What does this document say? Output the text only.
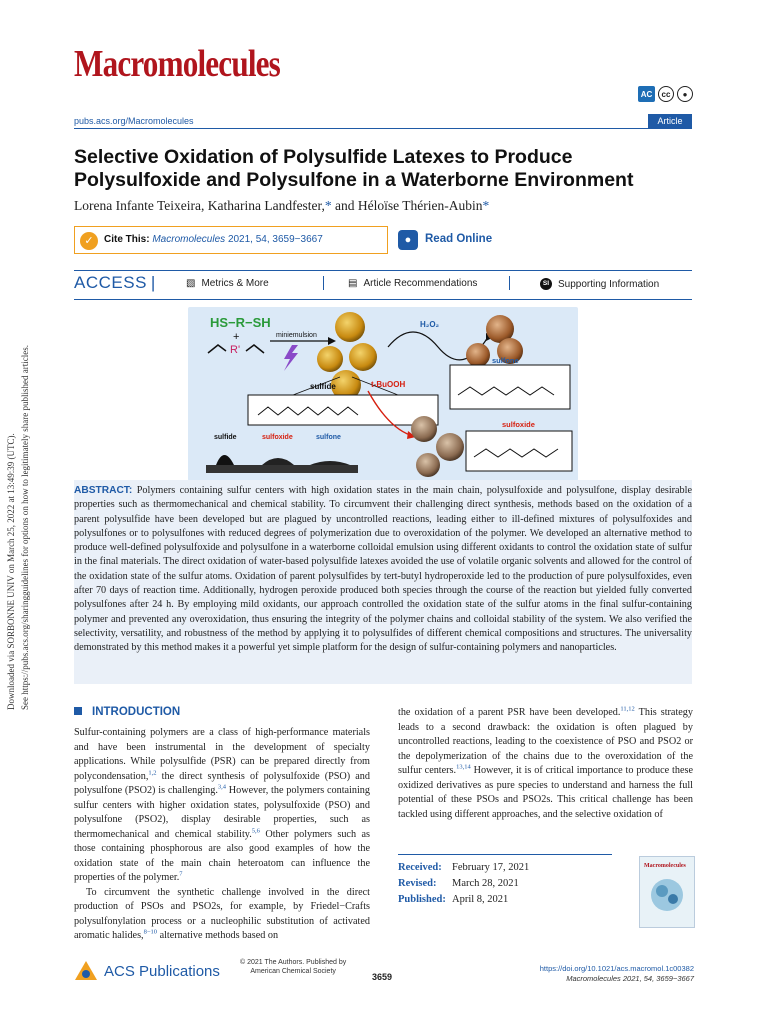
Macromolecules
AC	cc	●
pubs.acs.org/Macromolecules	Article
Selective Oxidation of Polysulfide Latexes to Produce Polysulfoxide and Polysulfone in a Waterborne Environment
Lorena Infante Teixeira, Katharina Landfester,* and Héloïse Thérien-Aubin*
✓	Cite This: Macromolecules 2021, 54, 3659−3667	●	Read Online
ACCESS |	▧ Metrics & More	▤ Article Recommendations	SI Supporting Information
Downloaded via SORBONNE UNIV on March 25, 2022 at 13:49:39 (UTC). See https://pubs.acs.org/sharingguidelines for options on how to legitimately share published articles.
HS−R−SH
+
R'
miniemulsion
sulfide	t-BuOOH
H₂O₂
sulfone
sulfoxide
sulfide	sulfoxide	sulfone
ABSTRACT: Polymers containing sulfur centers with high oxidation states in the main chain, polysulfoxide and polysulfone, display desirable properties such as thermomechanical and chemical stability. To circumvent their challenging direct synthesis, methods based on the oxidation of a parent polysulfide have been developed but are plagued by uncontrolled reactions, leading either to ill-defined mixtures of polysulfoxides and polysulfones or to polysulfones with reduced degrees of polymerization due to overoxidation of the polymer. We developed an alternative method to produce well-defined polysulfoxide and polysulfone in a waterborne colloidal emulsion using different oxidants to control the oxidation state of sulfur in the final materials. The direct oxidation of water-based polysulfide latexes avoided the use of volatile organic solvents and allowed for the control of the oxidation state of the sulfur atoms. Oxidation of parent polysulfides by tert-butyl hydroperoxide led to the production of pure polysulfoxides, even after 70 days of reaction time. Additionally, hydrogen peroxide produced both species through the course of the reaction but yielded fully converted polysulfones after 24 h. By employing mild oxidants, our approach controlled the oxidation state of the sulfur atoms in the final sulfur-containing polymer and prevented any overoxidation, thus ensuring the integrity of the polymer chains and colloidal stability of the system. We also verified the selectivity, versatility, and robustness of the method by applying it to polysulfides of different chemical compositions and structures. The universality demonstrated by this method makes it a powerful yet simple platform for the design of sulfur-containing polymers and nanoparticles.
INTRODUCTION

Sulfur-containing polymers are a class of high-performance materials and have been instrumental in the development of specialty applications. While polysulfide (PSR) can be prepared directly from polycondensation,$^{1,2}$ the direct synthesis of polysulfoxide (PSO) and polysulfone (PSO2) is challenging.$^{3,4}$ However, the polymers containing sulfur centers with higher oxidation states, polysulfoxide (PSO) and polysulfone (PSO2), display desirable properties, such as thermomechanical and chemical stability.$^{5,6}$ Other polymers such as those containing phosphorous are also good examples of how the oxidation state of the main chain heteroatom can influence the properties of the polymer.$^7$

To circumvent the synthetic challenge involved in the direct production of PSOs and PSO2s, for example, by Friedel−Crafts polysulfonylation process or a nucleophilic substitution of activated aromatic halides,$^{8-10}$ alternative methods based on

the oxidation of a parent PSR have been developed.$^{11,12}$ This strategy leads to a second drawback: the oxidation is often plagued by uncontrolled reactions, leading to the coexistence of PSO and PSO2 or the depolymerization of the chains due to the overoxidation of the sulfur centers.$^{13,14}$ However, it is of critical importance to produce these oxidized derivatives as pure species to understand and harness the full potential of these PSOs and PSO2s. This critical challenge has been tackled using different approaches, and the selective oxidation of

Received: February 17, 2021
Revised: March 28, 2021
Published: April 8, 2021
Macromolecules
ACS Publications	© 2021 The Authors. Published by
American Chemical Society
3659
https://doi.org/10.1021/acs.macromol.1c00382
Macromolecules 2021, 54, 3659−3667
